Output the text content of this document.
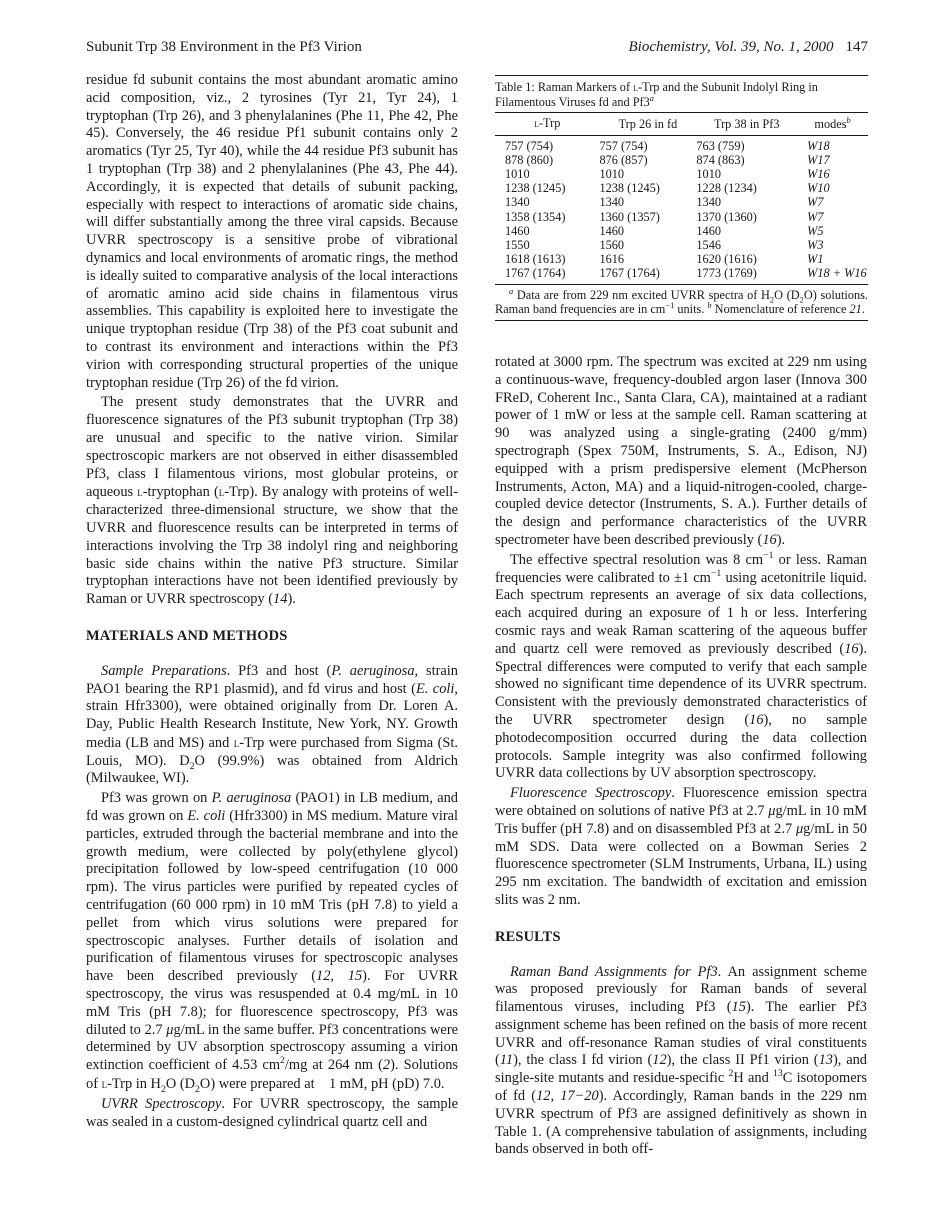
Subunit Trp 38 Environment in the Pf3 Virion	Biochemistry, Vol. 39, No. 1, 2000 147

residue fd subunit contains the most abundant aromatic amino acid composition, viz., 2 tyrosines (Tyr 21, Tyr 24), 1 tryptophan (Trp 26), and 3 phenylalanines (Phe 11, Phe 42, Phe 45). Conversely, the 46 residue Pf1 subunit contains only 2 aromatics (Tyr 25, Tyr 40), while the 44 residue Pf3 subunit has 1 tryptophan (Trp 38) and 2 phenylalanines (Phe 43, Phe 44). Accordingly, it is expected that details of subunit packing, especially with respect to interactions of aromatic side chains, will differ substantially among the three viral capsids. Because UVRR spectroscopy is a sensitive probe of vibrational dynamics and local environments of aromatic rings, the method is ideally suited to comparative analysis of the local interactions of aromatic amino acid side chains in filamentous virus assemblies. This capability is exploited here to investigate the unique tryptophan residue (Trp 38) of the Pf3 coat subunit and to contrast its environment and interactions within the Pf3 virion with corresponding structural properties of the unique tryptophan residue (Trp 26) of the fd virion.

The present study demonstrates that the UVRR and fluorescence signatures of the Pf3 subunit tryptophan (Trp 38) are unusual and specific to the native virion. Similar spectroscopic markers are not observed in either disassembled Pf3, class I filamentous virions, most globular proteins, or aqueous l-tryptophan (l-Trp). By analogy with proteins of well-characterized three-dimensional structure, we show that the UVRR and fluorescence results can be interpreted in terms of interactions involving the Trp 38 indolyl ring and neighboring basic side chains within the native Pf3 structure. Similar tryptophan interactions have not been identified previously by Raman or UVRR spectroscopy (14).

MATERIALS AND METHODS

Sample Preparations. Pf3 and host (P. aeruginosa, strain PAO1 bearing the RP1 plasmid), and fd virus and host (E. coli, strain Hfr3300), were obtained originally from Dr. Loren A. Day, Public Health Research Institute, New York, NY. Growth media (LB and MS) and l-Trp were purchased from Sigma (St. Louis, MO). $D_2O$ (99.9%) was obtained from Aldrich (Milwaukee, WI).

Pf3 was grown on P. aeruginosa (PAO1) in LB medium, and fd was grown on E. coli (Hfr3300) in MS medium. Mature viral particles, extruded through the bacterial membrane and into the growth medium, were collected by poly(ethylene glycol) precipitation followed by low-speed centrifugation (10 000 rpm). The virus particles were purified by repeated cycles of centrifugation (60 000 rpm) in 10 mM Tris (pH 7.8) to yield a pellet from which virus solutions were prepared for spectroscopic analyses. Further details of isolation and purification of filamentous viruses for spectroscopic analyses have been described previously (12, 15). For UVRR spectroscopy, the virus was resuspended at 0.4 mg/mL in 10 mM Tris (pH 7.8); for fluorescence spectroscopy, Pf3 was diluted to 2.7 μg/mL in the same buffer. Pf3 concentrations were determined by UV absorption spectroscopy assuming a virion extinction coefficient of 4.53 $cm^2/mg$ at 264 nm (2). Solutions of l-Trp in $H_2O$ $(D_2O)$ were prepared at   1 mM, pH (pD) 7.0.

UVRR Spectroscopy. For UVRR spectroscopy, the sample was sealed in a custom-designed cylindrical quartz cell and

Table 1: Raman Markers of l-Trp and the Subunit Indolyl Ring in Filamentous Viruses fd and Pf3$^a$
l-Trp	Trp 26 in fd	Trp 38 in Pf3	modes$^b$
757 (754)	757 (754)	763 (759)	W18
878 (860)	876 (857)	874 (863)	W17
1010	1010	1010	W16
1238 (1245)	1238 (1245)	1228 (1234)	W10
1340	1340	1340	W7
1358 (1354)	1360 (1357)	1370 (1360)	W7
1460	1460	1460	W5
1550	1560	1546	W3
1618 (1613)	1616	1620 (1616)	W1
1767 (1764)	1767 (1764)	1773 (1769)	W18 + W16
$^a$ Data are from 229 nm excited UVRR spectra of $H_2O$ $(D_2O)$ solutions. Raman band frequencies are in $cm^{-1}$ units. $^b$ Nomenclature of reference 21.

rotated at 3000 rpm. The spectrum was excited at 229 nm using a continuous-wave, frequency-doubled argon laser (Innova 300 FReD, Coherent Inc., Santa Clara, CA), maintained at a radiant power of 1 mW or less at the sample cell. Raman scattering at 90  was analyzed using a single-grating (2400 g/mm) spectrograph (Spex 750M, Instruments, S. A., Edison, NJ) equipped with a prism predispersive element (McPherson Instruments, Acton, MA) and a liquid-nitrogen-cooled, charge-coupled device detector (Instruments, S. A.). Further details of the design and performance characteristics of the UVRR spectrometer have been described previously (16).

The effective spectral resolution was 8 $cm^{-1}$ or less. Raman frequencies were calibrated to ±1 $cm^{-1}$ using acetonitrile liquid. Each spectrum represents an average of six data collections, each acquired during an exposure of 1 h or less. Interfering cosmic rays and weak Raman scattering of the aqueous buffer and quartz cell were removed as previously described (16). Spectral differences were computed to verify that each sample showed no significant time dependence of its UVRR spectrum. Consistent with the previously demonstrated characteristics of the UVRR spectrometer design (16), no sample photodecomposition occurred during the data collection protocols. Sample integrity was also confirmed following UVRR data collections by UV absorption spectroscopy.

Fluorescence Spectroscopy. Fluorescence emission spectra were obtained on solutions of native Pf3 at 2.7 μg/mL in 10 mM Tris buffer (pH 7.8) and on disassembled Pf3 at 2.7 μg/mL in 50 mM SDS. Data were collected on a Bowman Series 2 fluorescence spectrometer (SLM Instruments, Urbana, IL) using 295 nm excitation. The bandwidth of excitation and emission slits was 2 nm.

RESULTS

Raman Band Assignments for Pf3. An assignment scheme was proposed previously for Raman bands of several filamentous viruses, including Pf3 (15). The earlier Pf3 assignment scheme has been refined on the basis of more recent UVRR and off-resonance Raman studies of viral constituents (11), the class I fd virion (12), the class II Pf1 virion (13), and single-site mutants and residue-specific $^2$H and $^{13}$C isotopomers of fd (12, 17−20). Accordingly, Raman bands in the 229 nm UVRR spectrum of Pf3 are assigned definitively as shown in Table 1. (A comprehensive tabulation of assignments, including bands observed in both off-
